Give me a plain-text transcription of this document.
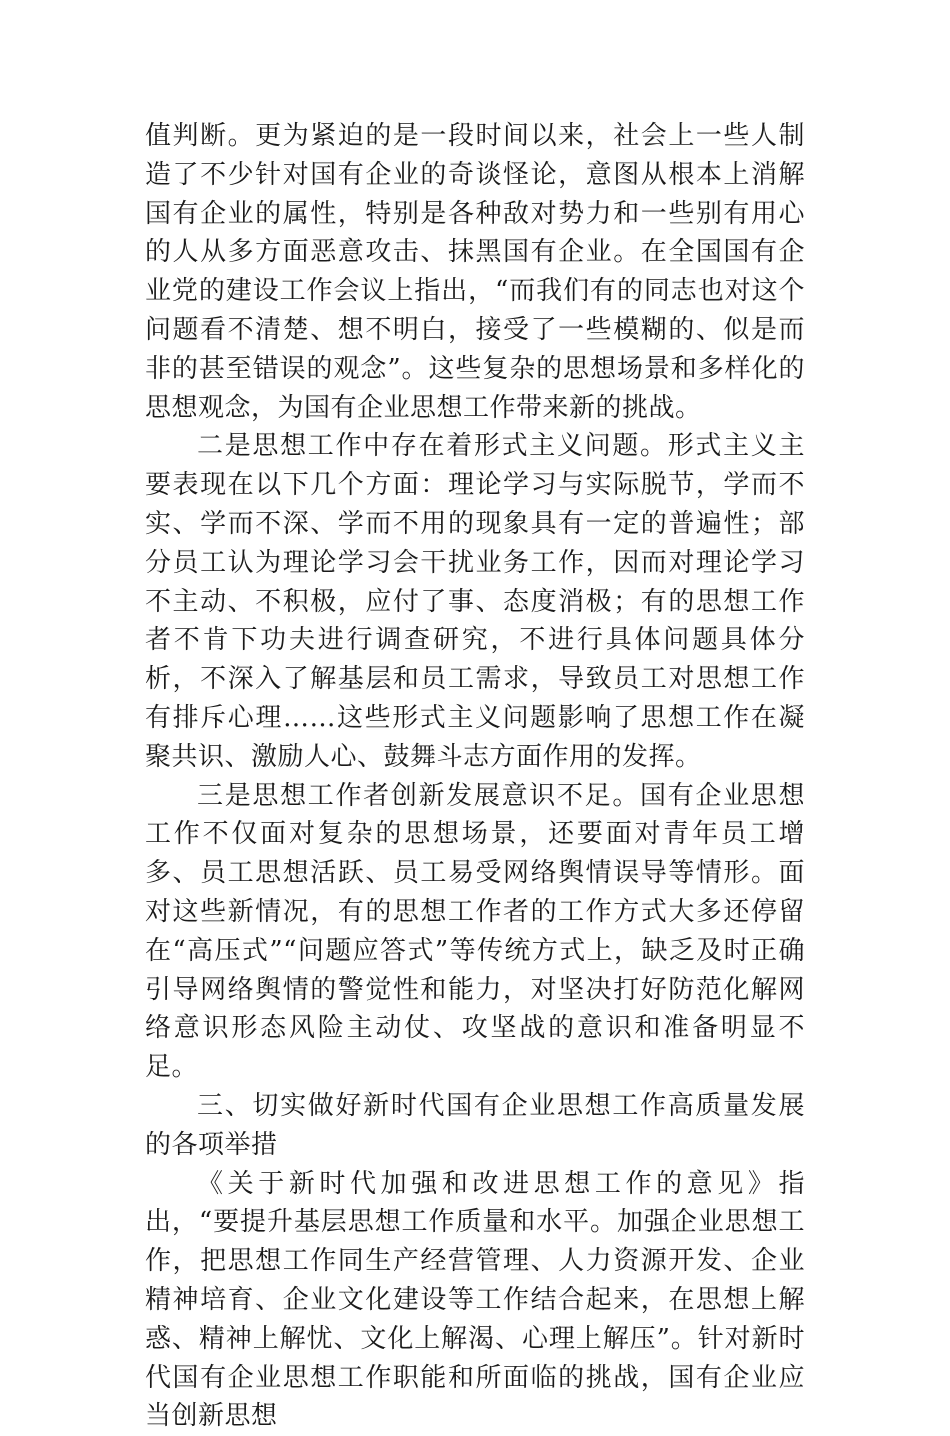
值判断。更为紧迫的是一段时间以来，社会上一些人制造了不少针对国有企业的奇谈怪论，意图从根本上消解国有企业的属性，特别是各种敌对势力和一些别有用心的人从多方面恶意攻击、抹黑国有企业。在全国国有企业党的建设工作会议上指出，“而我们有的同志也对这个问题看不清楚、想不明白，接受了一些模糊的、似是而非的甚至错误的观念”。这些复杂的思想场景和多样化的思想观念，为国有企业思想工作带来新的挑战。

二是思想工作中存在着形式主义问题。形式主义主要表现在以下几个方面：理论学习与实际脱节，学而不实、学而不深、学而不用的现象具有一定的普遍性；部分员工认为理论学习会干扰业务工作，因而对理论学习不主动、不积极，应付了事、态度消极；有的思想工作者不肯下功夫进行调查研究，不进行具体问题具体分析，不深入了解基层和员工需求，导致员工对思想工作有排斥心理……这些形式主义问题影响了思想工作在凝聚共识、激励人心、鼓舞斗志方面作用的发挥。

三是思想工作者创新发展意识不足。国有企业思想工作不仅面对复杂的思想场景，还要面对青年员工增多、员工思想活跃、员工易受网络舆情误导等情形。面对这些新情况，有的思想工作者的工作方式大多还停留在“高压式”“问题应答式”等传统方式上，缺乏及时正确引导网络舆情的警觉性和能力，对坚决打好防范化解网络意识形态风险主动仗、攻坚战的意识和准备明显不足。

三、切实做好新时代国有企业思想工作高质量发展的各项举措

《关于新时代加强和改进思想工作的意见》指出，“要提升基层思想工作质量和水平。加强企业思想工作，把思想工作同生产经营管理、人力资源开发、企业精神培育、企业文化建设等工作结合起来，在思想上解惑、精神上解忧、文化上解渴、心理上解压”。针对新时代国有企业思想工作职能和所面临的挑战，国有企业应当创新思想
